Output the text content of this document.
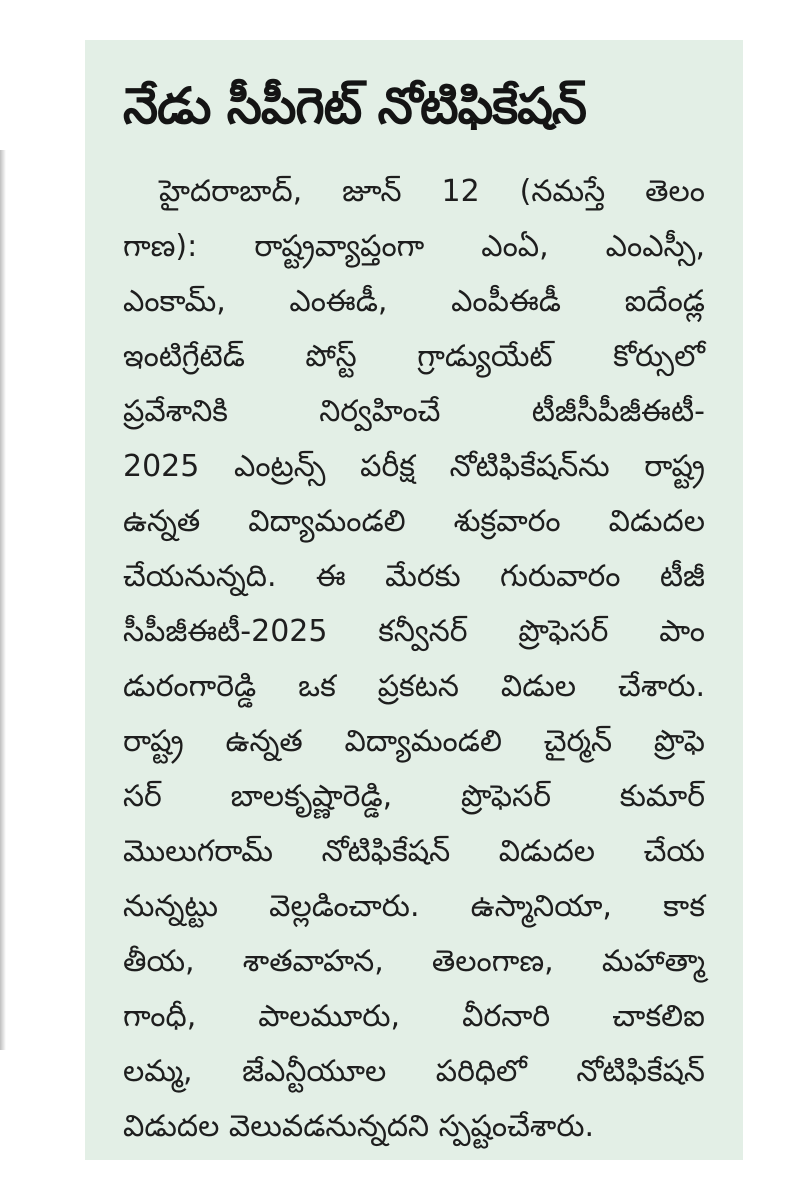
నేడు సీపీగెట్ నోటిఫికేషన్
హైదరాబాద్, జూన్ 12 (నమస్తే తెలం
గాణ): రాష్ట్రవ్యాప్తంగా ఎంఏ, ఎంఎస్సీ,
ఎంకామ్, ఎంఈడీ, ఎంపీఈడీ ఐదేండ్ల
ఇంటిగ్రేటెడ్ పోస్ట్ గ్రాడ్యుయేట్ కోర్సులో
ప్రవేశానికి నిర్వహించే టీజీసీపీజీఈటీ-
2025 ఎంట్రన్స్ పరీక్ష నోటిఫికేషన్‌ను రాష్ట్ర
ఉన్నత విద్యామండలి శుక్రవారం విడుదల
చేయనున్నది. ఈ మేరకు గురువారం టీజీ
సీపీజీఈటీ-2025 కన్వీనర్ ప్రొఫెసర్ పాం
డురంగారెడ్డి ఒక ప్రకటన విడుల చేశారు.
రాష్ట్ర ఉన్నత విద్యామండలి చైర్మన్ ప్రొఫె
సర్ బాలకృష్ణారెడ్డి, ప్రొఫెసర్ కుమార్
మొలుగరామ్ నోటిఫికేషన్ విడుదల చేయ
నున్నట్టు వెల్లడించారు. ఉస్మానియా, కాక
తీయ, శాతవాహన, తెలంగాణ, మహాత్మా
గాంధీ, పాలమూరు, వీరనారి చాకలిఐ
లమ్మ, జేఎన్టీయూల పరిధిలో నోటిఫికేషన్
విడుదల వెలువడనున్నదని స్పష్టంచేశారు.
